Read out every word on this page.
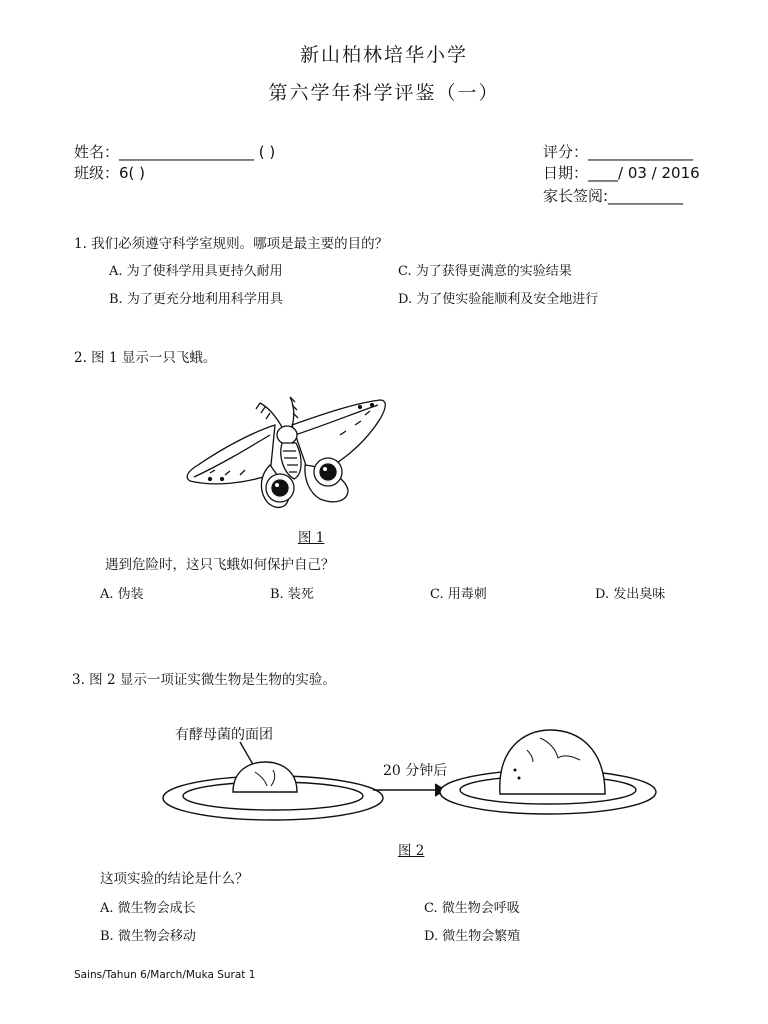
新山柏林培华小学
第六学年科学评鉴（一）
姓名：__________________ ( )
班级：6( )
评分：______________
日期：____/ 03 / 2016
家长签阅:__________
1. 我们必须遵守科学室规则。哪项是最主要的目的？
A. 为了使科学用具更持久耐用	C. 为了获得更满意的实验结果
B. 为了更充分地利用科学用具	D. 为了使实验能顺利及安全地进行
2. 图 1 显示一只飞蛾。
图 1
遇到危险时，这只飞蛾如何保护自己？
A. 伪装	B. 装死	C. 用毒刺	D. 发出臭味
3. 图 2 显示一项证实微生物是生物的实验。
有酵母菌的面团
20 分钟后
图 2
这项实验的结论是什么？
A. 微生物会成长	C. 微生物会呼吸
B. 微生物会移动	D. 微生物会繁殖
Sains/Tahun 6/March/Muka Surat 1
